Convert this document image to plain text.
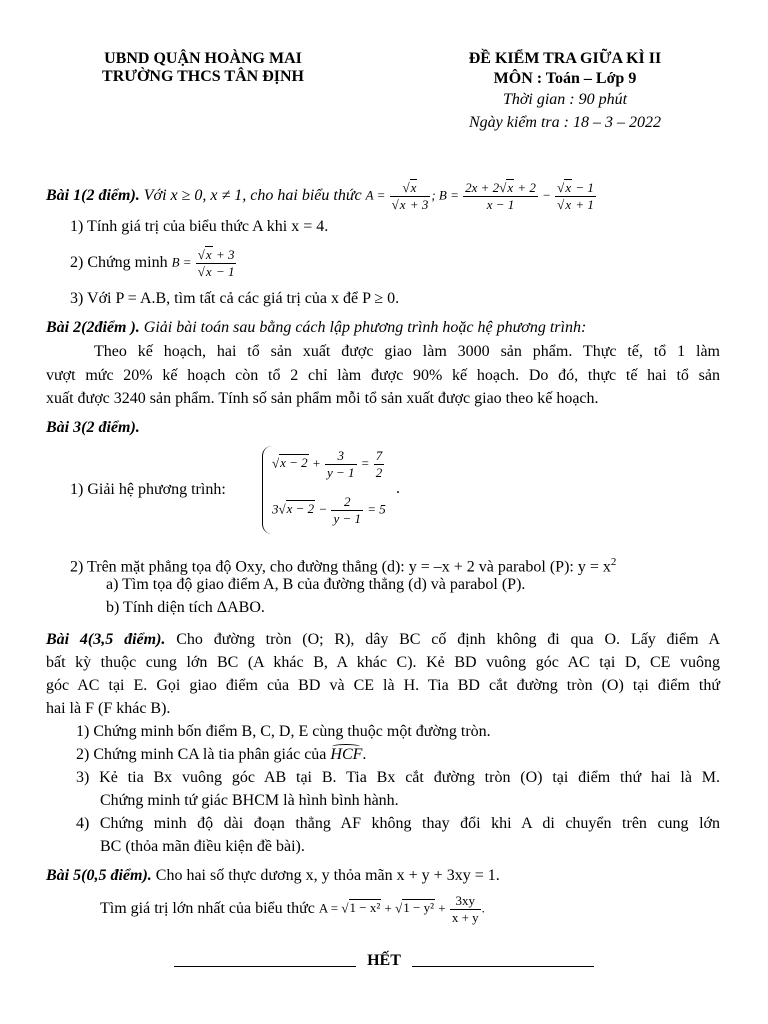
UBND QUẬN HOÀNG MAI
TRƯỜNG THCS TÂN ĐỊNH
ĐỀ KIỂM TRA GIỮA KÌ II
MÔN : Toán – Lớp 9
Thời gian : 90 phút
Ngày kiểm tra : 18 – 3 – 2022
Bài 1(2 điểm).
Với x ≥ 0, x ≠ 1, cho hai biểu thức
$A = \frac{√x}{√x + 3}$ ; $B = \frac{2x + 2√x + 2}{x - 1} - \frac{√x - 1}{√x + 1}$
1) Tính giá trị của biểu thức A khi x = 4.
2) Chứng minh
$B = \frac{√x + 3}{√x - 1}$
3) Với P = A.B, tìm tất cả các giá trị của x để P ≥ 0.
Bài 2(2điểm ). Giải bài toán sau bằng cách lập phương trình hoặc hệ phương trình:
Theo kế hoạch, hai tổ sản xuất được giao làm 3000 sản phẩm. Thực tế, tổ 1 làm
vượt mức 20% kế hoạch còn tổ 2 chỉ làm được 90% kế hoạch. Do đó, thực tế hai tổ sản
xuất được 3240 sản phẩm. Tính số sản phẩm mỗi tổ sản xuất được giao theo kế hoạch.
Bài 3(2 điểm).
1) Giải hệ phương trình:
$√x - 2 + \frac{3}{y - 1} = \frac{7}{2}$
$3√x - 2 - \frac{2}{y - 1} = 5$
.
2) Trên mặt phẳng tọa độ Oxy, cho đường thẳng (d): y = –x + 2 và parabol (P): $y = x^2$
a) Tìm tọa độ giao điểm A, B của đường thẳng (d) và parabol (P).
b) Tính diện tích ΔABO.
Bài 4(3,5 điểm). Cho đường tròn (O; R), dây BC cố định không đi qua O. Lấy điểm A
bất kỳ thuộc cung lớn BC (A khác B, A khác C). Kẻ BD vuông góc AC tại D, CE vuông
góc AC tại E. Gọi giao điểm của BD và CE là H. Tia BD cắt đường tròn (O) tại điểm thứ
hai là F (F khác B).
1) Chứng minh bốn điểm B, C, D, E cùng thuộc một đường tròn.
2) Chứng minh CA là tia phân giác của HCF
.
3) Kẻ tia Bx vuông góc AB tại B. Tia Bx cắt đường tròn (O) tại điểm thứ hai là M.
Chứng minh tứ giác BHCM là hình bình hành.
4) Chứng minh độ dài đoạn thẳng AF không thay đổi khi A di chuyển trên cung lớn
BC (thỏa mãn điều kiện đề bài).
Bài 5(0,5 điểm). Cho hai số thực dương x, y thỏa mãn x + y + 3xy = 1.
Tìm giá trị lớn nhất của biểu thức
$A = √1 - x^2 + √1 - y^2 + \frac{3xy}{x + y}$ .
HẾT
